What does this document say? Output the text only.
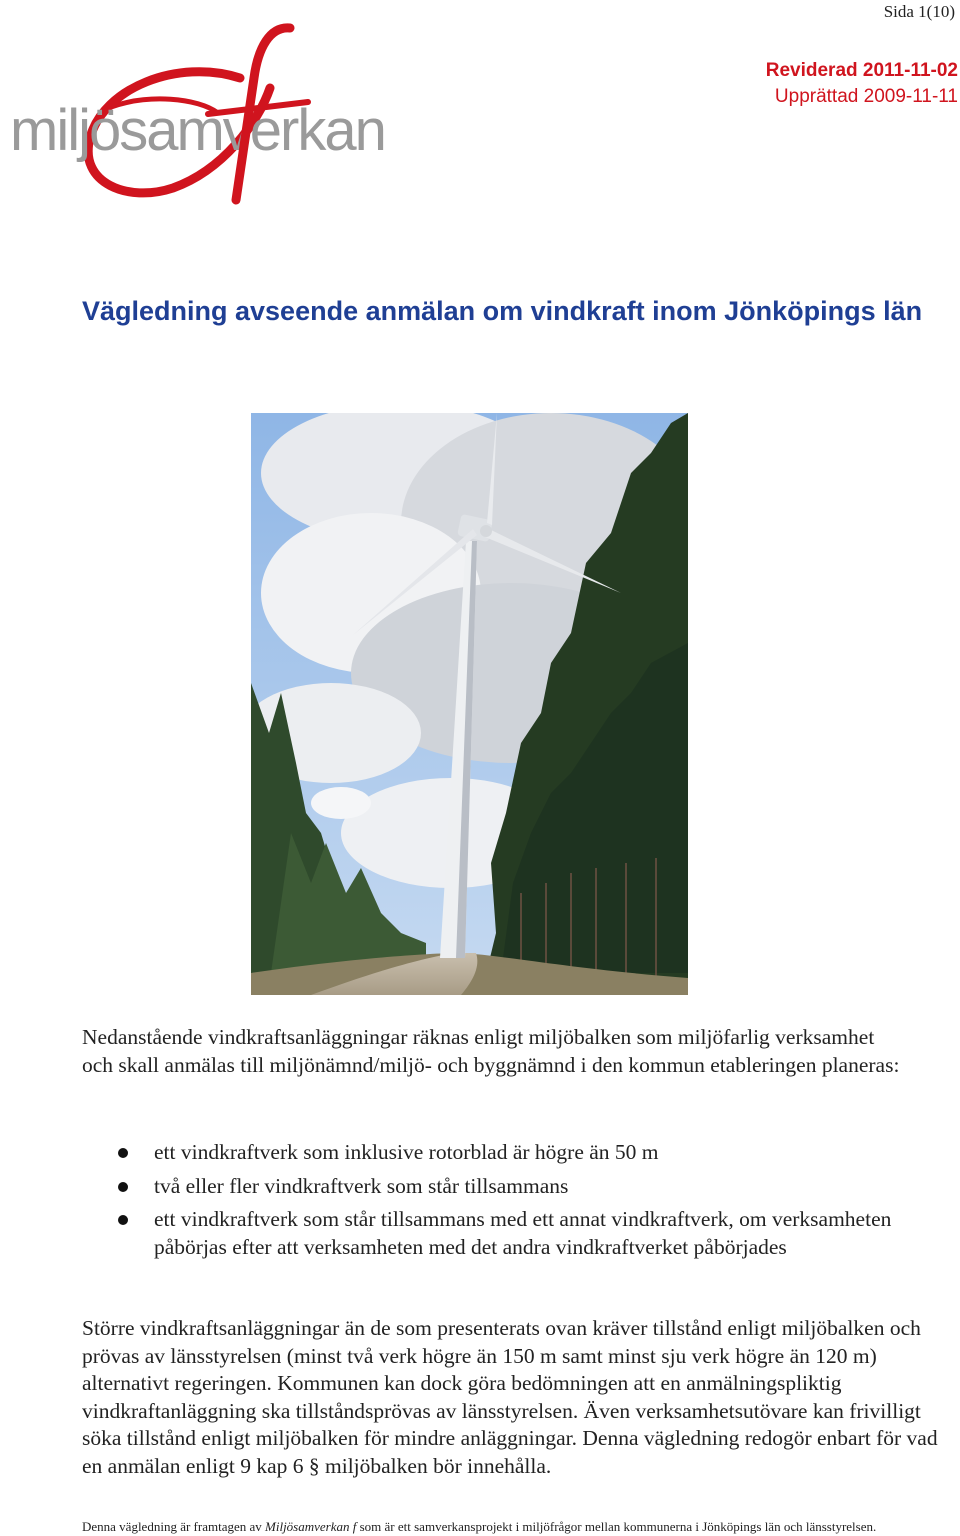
Sida 1(10)
Reviderad 2011-11-02
Upprättad 2009-11-11
miljösamverkan
Vägledning avseende anmälan om vindkraft inom Jönköpings län

Nedanstående vindkraftsanläggningar räknas enligt miljöbalken som miljöfarlig verksamhet och skall anmälas till miljönämnd/miljö- och byggnämnd i den kommun etableringen planeras:

ett vindkraftverk som inklusive rotorblad är högre än 50 m
två eller fler vindkraftverk som står tillsammans
ett vindkraftverk som står tillsammans med ett annat vindkraftverk, om verksamheten påbörjas efter att verksamheten med det andra vindkraftverket påbörjades

Större vindkraftsanläggningar än de som presenterats ovan kräver tillstånd enligt miljöbalken och prövas av länsstyrelsen (minst två verk högre än 150 m samt minst sju verk högre än 120 m) alternativt regeringen. Kommunen kan dock göra bedömningen att en anmälningspliktig vindkraftanläggning ska tillståndsprövas av länsstyrelsen. Även verksamhetsutövare kan frivilligt söka tillstånd enligt miljöbalken för mindre anläggningar. Denna vägledning redogör enbart för vad en anmälan enligt 9 kap 6 § miljöbalken bör innehålla.

Denna vägledning är framtagen av Miljösamverkan f som är ett samverkansprojekt i miljöfrågor mellan kommunerna i Jönköpings län och länsstyrelsen.
